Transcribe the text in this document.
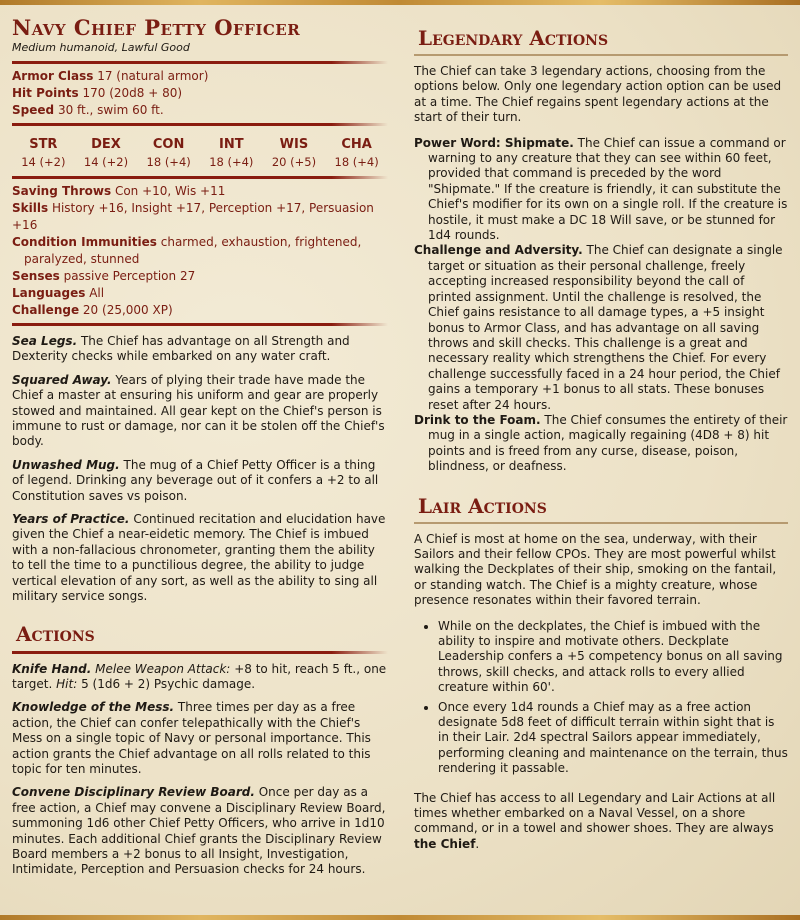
Navy Chief Petty Officer

Medium humanoid, Lawful Good

Armor Class 17 (natural armor)
Hit Points 170 (20d8 + 80)
Speed 30 ft., swim 60 ft.
STR
14 (+2)
DEX
14 (+2)
CON
18 (+4)
INT
18 (+4)
WIS
20 (+5)
CHA
18 (+4)
Saving Throws Con +10, Wis +11
Skills History +16, Insight +17, Perception +17, Persuasion +16
Condition Immunities charmed, exhaustion, frightened, paralyzed, stunned
Senses passive Perception 27
Languages All
Challenge 20 (25,000 XP)

Sea Legs. The Chief has advantage on all Strength and Dexterity checks while embarked on any water craft.

Squared Away. Years of plying their trade have made the Chief a master at ensuring his uniform and gear are properly stowed and maintained. All gear kept on the Chief's person is immune to rust or damage, nor can it be stolen off the Chief's body.

Unwashed Mug. The mug of a Chief Petty Officer is a thing of legend. Drinking any beverage out of it confers a +2 to all Constitution saves vs poison.

Years of Practice. Continued recitation and elucidation have given the Chief a near-eidetic memory. The Chief is imbued with a non-fallacious chronometer, granting them the ability to tell the time to a punctilious degree, the ability to judge vertical elevation of any sort, as well as the ability to sing all military service songs.

Actions

Knife Hand. Melee Weapon Attack: +8 to hit, reach 5 ft., one target. Hit: 5 (1d6 + 2) Psychic damage.

Knowledge of the Mess. Three times per day as a free action, the Chief can confer telepathically with the Chief's Mess on a single topic of Navy or personal importance. This action grants the Chief advantage on all rolls related to this topic for ten minutes.

Convene Disciplinary Review Board. Once per day as a free action, a Chief may convene a Disciplinary Review Board, summoning 1d6 other Chief Petty Officers, who arrive in 1d10 minutes. Each additional Chief grants the Disciplinary Review Board members a +2 bonus to all Insight, Investigation, Intimidate, Perception and Persuasion checks for 24 hours.

Legendary Actions

The Chief can take 3 legendary actions, choosing from the options below. Only one legendary action option can be used at a time. The Chief regains spent legendary actions at the start of their turn.

Power Word: Shipmate. The Chief can issue a command or warning to any creature that they can see within 60 feet, provided that command is preceded by the word "Shipmate." If the creature is friendly, it can substitute the Chief's modifier for its own on a single roll. If the creature is hostile, it must make a DC 18 Will save, or be stunned for 1d4 rounds.

Challenge and Adversity. The Chief can designate a single target or situation as their personal challenge, freely accepting increased responsibility beyond the call of printed assignment. Until the challenge is resolved, the Chief gains resistance to all damage types, a +5 insight bonus to Armor Class, and has advantage on all saving throws and skill checks. This challenge is a great and necessary reality which strengthens the Chief. For every challenge successfully faced in a 24 hour period, the Chief gains a temporary +1 bonus to all stats. These bonuses reset after 24 hours.

Drink to the Foam. The Chief consumes the entirety of their mug in a single action, magically regaining (4D8 + 8) hit points and is freed from any curse, disease, poison, blindness, or deafness.

Lair Actions

A Chief is most at home on the sea, underway, with their Sailors and their fellow CPOs. They are most powerful whilst walking the Deckplates of their ship, smoking on the fantail, or standing watch. The Chief is a mighty creature, whose presence resonates within their favored terrain.

• While on the deckplates, the Chief is imbued with the ability to inspire and motivate others. Deckplate Leadership confers a +5 competency bonus on all saving throws, skill checks, and attack rolls to every allied creature within 60'.
• Once every 1d4 rounds a Chief may as a free action designate 5d8 feet of difficult terrain within sight that is in their Lair. 2d4 spectral Sailors appear immediately, performing cleaning and maintenance on the terrain, thus rendering it passable.

The Chief has access to all Legendary and Lair Actions at all times whether embarked on a Naval Vessel, on a shore command, or in a towel and shower shoes. They are always the Chief.
